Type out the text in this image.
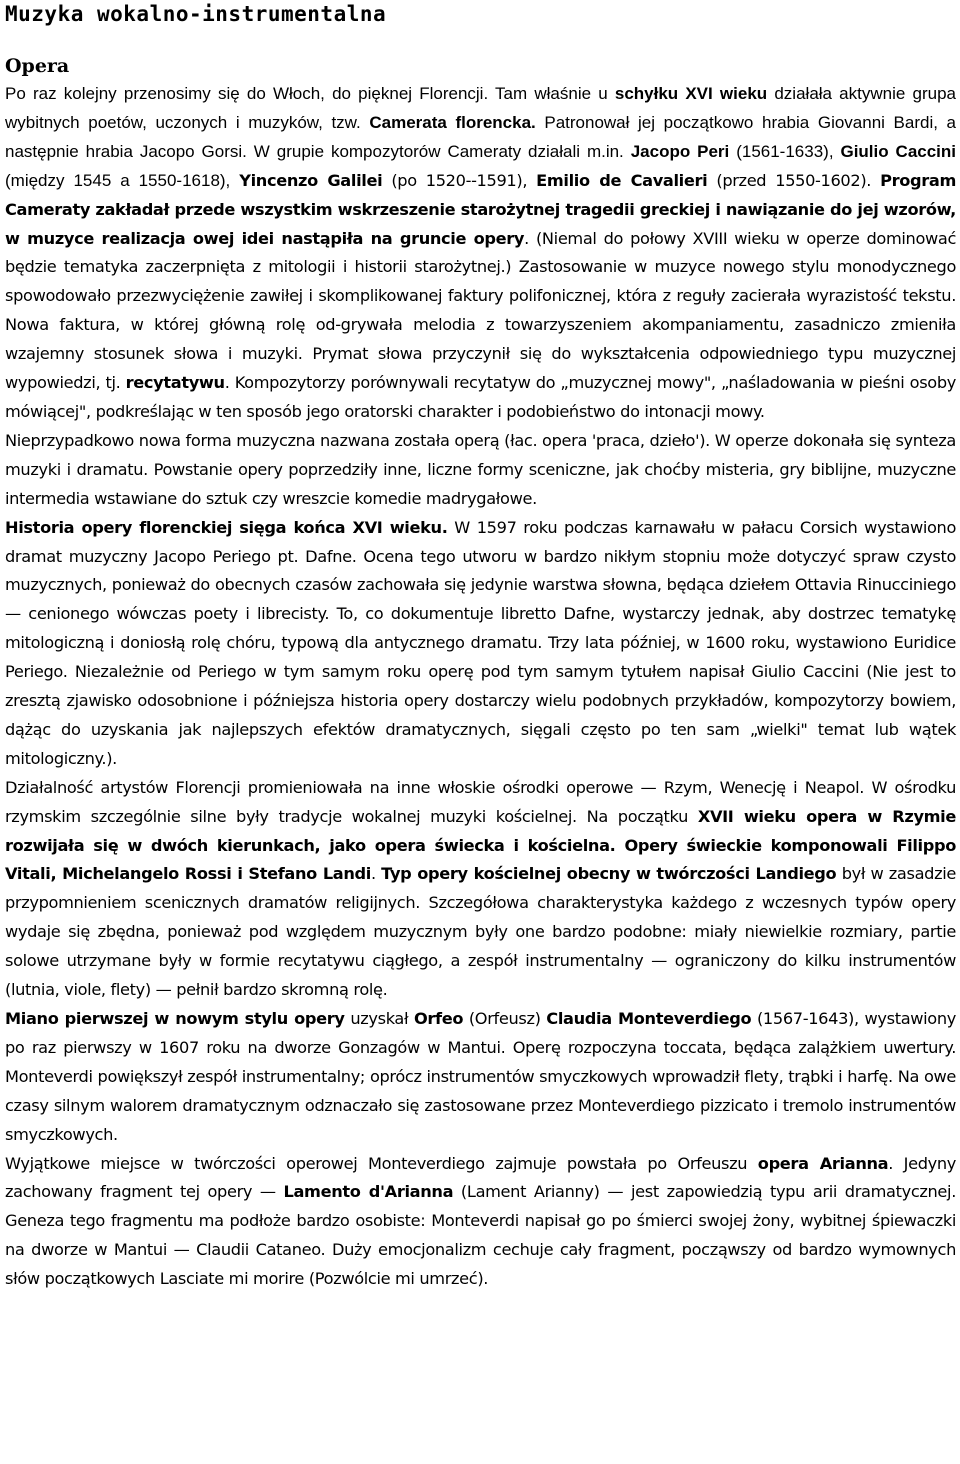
Muzyka wokalno-instrumentalna
Opera

Po raz kolejny przenosimy się do Włoch, do pięknej Florencji. Tam właśnie u schyłku XVI wieku działała aktywnie grupa wybitnych poetów, uczonych i muzyków, tzw. Camerata florencka. Patronował jej początkowo hrabia Giovanni Bardi, a następnie hrabia Jacopo Gorsi. W grupie kompozytorów Cameraty działali m.in. Jacopo Peri (1561-1633), Giulio Caccini (między 1545 a 1550-1618), Yincenzo Galilei (po 1520--1591), Emilio de Cavalieri (przed 1550-1602). Program Cameraty zakładał przede wszystkim wskrzeszenie starożytnej tragedii greckiej i nawiązanie do jej wzorów, w muzyce realizacja owej idei nastąpiła na gruncie opery. (Niemal do połowy XVIII wieku w operze dominować będzie tematyka zaczerpnięta z mitologii i historii starożytnej.) Zastosowanie w muzyce nowego stylu monodycznego spowodowało przezwyciężenie zawiłej i skomplikowanej faktury polifonicznej, która z reguły zacierała wyrazistość tekstu. Nowa faktura, w której główną rolę od-grywała melodia z towarzyszeniem akompaniamentu, zasadniczo zmieniła wzajemny stosunek słowa i muzyki. Prymat słowa przyczynił się do wykształcenia odpowiedniego typu muzycznej wypowiedzi, tj. recytatywu. Kompozytorzy porównywali recytatyw do „muzycznej mowy", „naśladowania w pieśni osoby mówiącej", podkreślając w ten sposób jego oratorski charakter i podobieństwo do intonacji mowy.

Nieprzypadkowo nowa forma muzyczna nazwana została operą (łac. opera 'praca, dzieło'). W operze dokonała się synteza muzyki i dramatu. Powstanie opery poprzedziły inne, liczne formy sceniczne, jak choćby misteria, gry biblijne, muzyczne intermedia wstawiane do sztuk czy wreszcie komedie madrygałowe.

Historia opery florenckiej sięga końca XVI wieku. W 1597 roku podczas karnawału w pałacu Corsich wystawiono dramat muzyczny Jacopo Periego pt. Dafne. Ocena tego utworu w bardzo nikłym stopniu może dotyczyć spraw czysto muzycznych, ponieważ do obecnych czasów zachowała się jedynie warstwa słowna, będąca dziełem Ottavia Rinucciniego — cenionego wówczas poety i librecisty. To, co dokumentuje libretto Dafne, wystarczy jednak, aby dostrzec tematykę mitologiczną i doniosłą rolę chóru, typową dla antycznego dramatu. Trzy lata później, w 1600 roku, wystawiono Euridice Periego. Niezależnie od Periego w tym samym roku operę pod tym samym tytułem napisał Giulio Caccini (Nie jest to zresztą zjawisko odosobnione i późniejsza historia opery dostarczy wielu podobnych przykładów, kompozytorzy bowiem, dążąc do uzyskania jak najlepszych efektów dramatycznych, sięgali często po ten sam „wielki" temat lub wątek mitologiczny.).

Działalność artystów Florencji promieniowała na inne włoskie ośrodki operowe — Rzym, Wenecję i Neapol. W ośrodku rzymskim szczególnie silne były tradycje wokalnej muzyki kościelnej. Na początku XVII wieku opera w Rzymie rozwijała się w dwóch kierunkach, jako opera świecka i kościelna. Opery świeckie komponowali Filippo Vitali, Michelangelo Rossi i Stefano Landi. Typ opery kościelnej obecny w twórczości Landiego był w zasadzie przypomnieniem scenicznych dramatów religijnych. Szczegółowa charakterystyka każdego z wczesnych typów opery wydaje się zbędna, ponieważ pod względem muzycznym były one bardzo podobne: miały niewielkie rozmiary, partie solowe utrzymane były w formie recytatywu ciągłego, a zespół instrumentalny — ograniczony do kilku instrumentów (lutnia, viole, flety) — pełnił bardzo skromną rolę.

Miano pierwszej w nowym stylu opery uzyskał Orfeo (Orfeusz) Claudia Monteverdiego (1567-1643), wystawiony po raz pierwszy w 1607 roku na dworze Gonzagów w Mantui. Operę rozpoczyna toccata, będąca zalążkiem uwertury. Monteverdi powiększył zespół instrumentalny; oprócz instrumentów smyczkowych wprowadził flety, trąbki i harfę. Na owe czasy silnym walorem dramatycznym odznaczało się zastosowane przez Monteverdiego pizzicato i tremolo instrumentów smyczkowych.

Wyjątkowe miejsce w twórczości operowej Monteverdiego zajmuje powstała po Orfeuszu opera Arianna. Jedyny zachowany fragment tej opery — Lamento d'Arianna (Lament Arianny) — jest zapowiedzią typu arii dramatycznej. Geneza tego fragmentu ma podłoże bardzo osobiste: Monteverdi napisał go po śmierci swojej żony, wybitnej śpiewaczki na dworze w Mantui — Claudii Cataneo. Duży emocjonalizm cechuje cały fragment, począwszy od bardzo wymownych słów początkowych Lasciate mi morire (Pozwólcie mi umrzeć).
